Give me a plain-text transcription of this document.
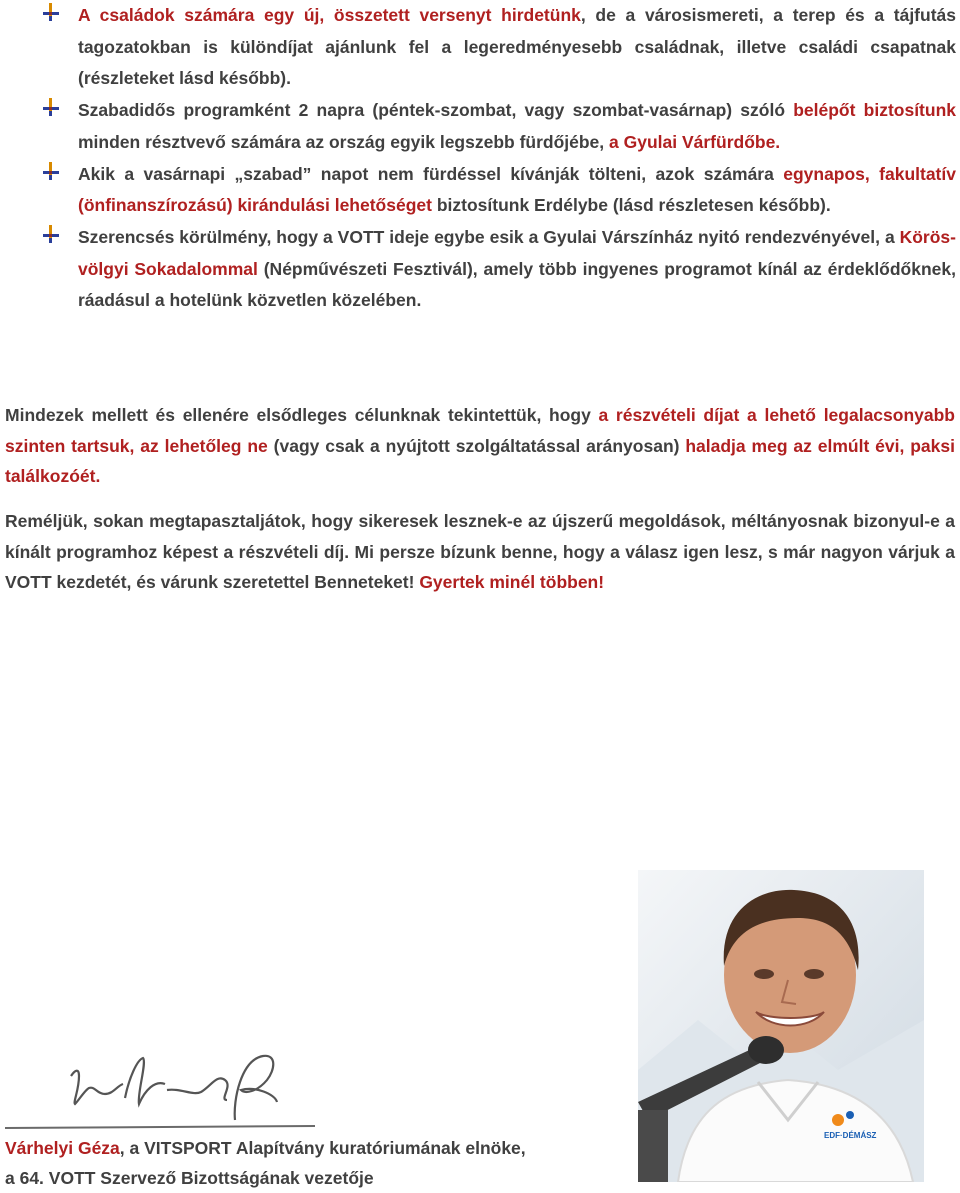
A családok számára egy új, összetett versenyt hirdetünk, de a városismereti, a terep és a tájfutás tagozatokban is különdíjat ajánlunk fel a legeredményesebb családnak, illetve családi csapatnak (részleteket lásd később).

Szabadidős programként 2 napra (péntek-szombat, vagy szombat-vasárnap) szóló belépőt biztosítunk minden résztvevő számára az ország egyik legszebb fürdőjébe, a Gyulai Várfürdőbe.

Akik a vasárnapi „szabad” napot nem fürdéssel kívánják tölteni, azok számára egynapos, fakultatív (önfinanszírozású) kirándulási lehetőséget biztosítunk Erdélybe (lásd részletesen később).

Szerencsés körülmény, hogy a VOTT ideje egybe esik a Gyulai Várszínház nyitó rendezvényével, a Körös-völgyi Sokadalommal (Népművészeti Fesztivál), amely több ingyenes programot kínál az érdeklődőknek, ráadásul a hotelünk közvetlen közelében.

Mindezek mellett és ellenére elsődleges célunknak tekintettük, hogy a részvételi díjat a lehető legalacsonyabb szinten tartsuk, az lehetőleg ne (vagy csak a nyújtott szolgáltatással arányosan) haladja meg az elmúlt évi, paksi találkozóét.

Reméljük, sokan megtapasztaljátok, hogy sikeresek lesznek-e az újszerű megoldások, méltányosnak bizonyul-e a kínált programhoz képest a részvételi díj. Mi persze bízunk benne, hogy a válasz igen lesz, s már nagyon várjuk a VOTT kezdetét, és várunk szeretettel Benneteket! Gyertek minél többen!

EDF·DÉMÁSZ

Várhelyi Géza, a VITSPORT Alapítvány kuratóriumának elnöke,
a 64. VOTT Szervező Bizottságának vezetője
